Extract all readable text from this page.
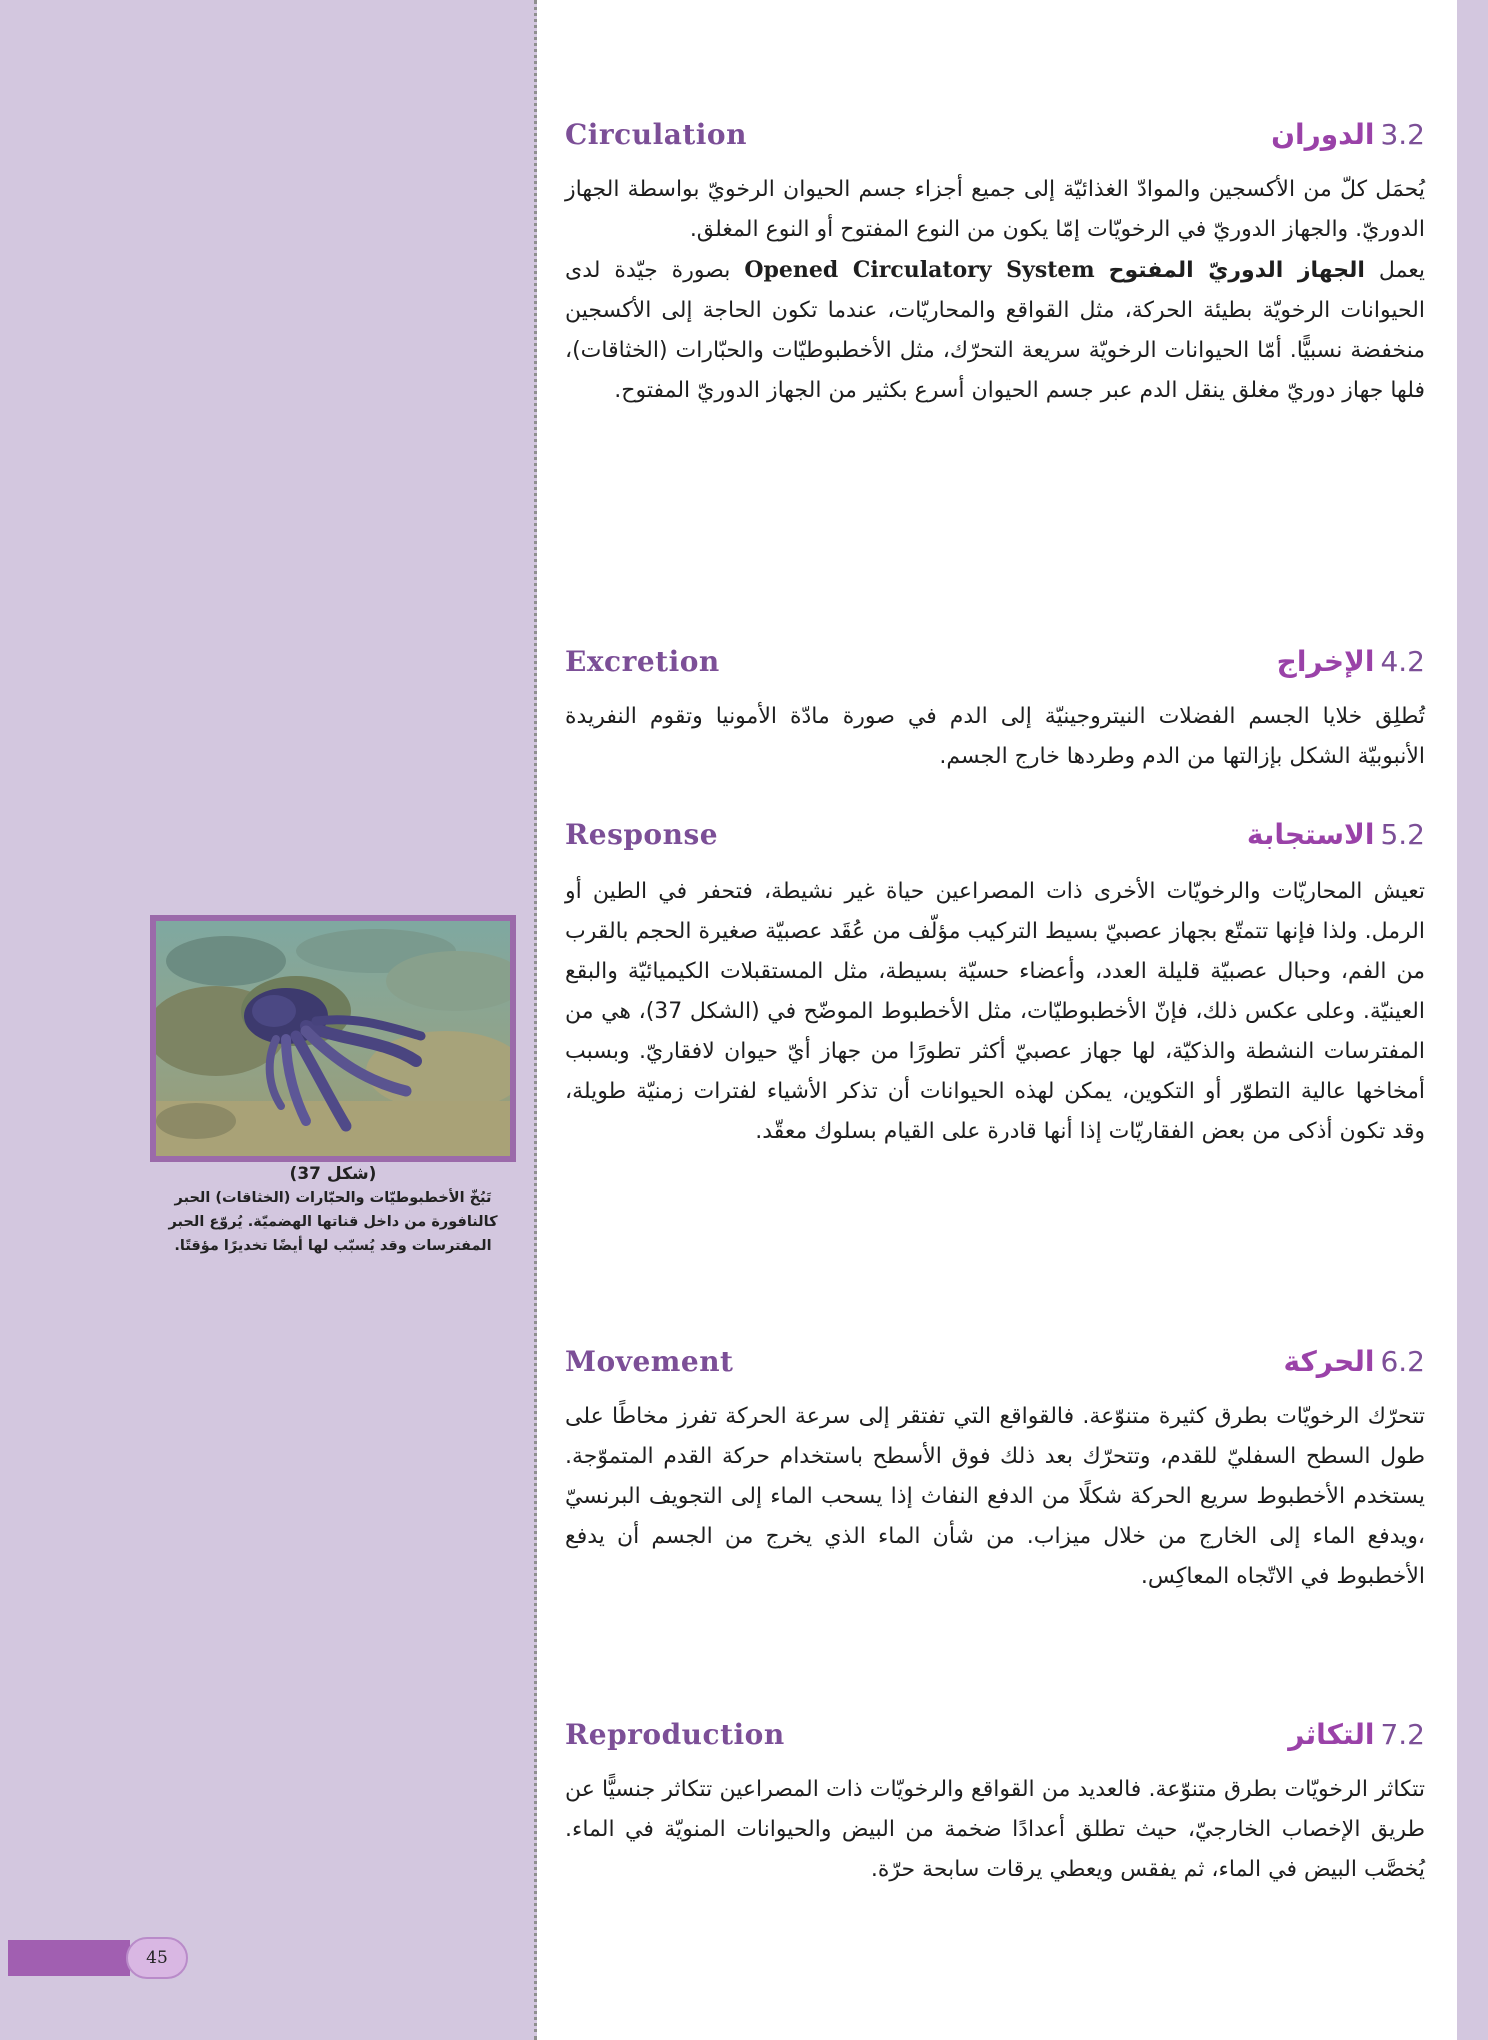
(شكل 37)
تَبُخّ الأخطبوطيّات والحبّارات (الخثاقات) الحبر كالنافورة من داخل قناتها الهضميّة. يُروّع الحبر المفترسات وقد يُسبّب لها أيضًا تخديرًا مؤقتًا.
45
Circulation	3.2الدوران

يُحمَل كلّ من الأكسجين والموادّ الغذائيّة إلى جميع أجزاء جسم الحيوان الرخويّ بواسطة الجهاز الدوريّ. والجهاز الدوريّ في الرخويّات إمّا يكون من النوع المفتوح أو النوع المغلق.

يعمل الجهاز الدوريّ المفتوح Opened Circulatory System بصورة جيّدة لدى الحيوانات الرخويّة بطيئة الحركة، مثل القواقع والمحاريّات، عندما تكون الحاجة إلى الأكسجين منخفضة نسبيًّا. أمّا الحيوانات الرخويّة سريعة التحرّك، مثل الأخطبوطيّات والحبّارات (الخثاقات)، فلها جهاز دوريّ مغلق ينقل الدم عبر جسم الحيوان أسرع بكثير من الجهاز الدوريّ المفتوح.

Excretion	4.2الإخراج

تُطلِق خلايا الجسم الفضلات النيتروجينيّة إلى الدم في صورة مادّة الأمونيا وتقوم النفريدة الأنبوبيّة الشكل بإزالتها من الدم وطردها خارج الجسم.

Response	5.2الاستجابة

تعيش المحاريّات والرخويّات الأخرى ذات المصراعين حياة غير نشيطة، فتحفر في الطين أو الرمل. ولذا فإنها تتمتّع بجهاز عصبيّ بسيط التركيب مؤلّف من عُقَد عصبيّة صغيرة الحجم بالقرب من الفم، وحبال عصبيّة قليلة العدد، وأعضاء حسيّة بسيطة، مثل المستقبلات الكيميائيّة والبقع العينيّة. وعلى عكس ذلك، فإنّ الأخطبوطيّات، مثل الأخطبوط الموضّح في (الشكل 37)، هي من المفترسات النشطة والذكيّة، لها جهاز عصبيّ أكثر تطورًا من جهاز أيّ حيوان لافقاريّ. وبسبب أمخاخها عالية التطوّر أو التكوين، يمكن لهذه الحيوانات أن تذكر الأشياء لفترات زمنيّة طويلة، وقد تكون أذكى من بعض الفقاريّات إذا أنها قادرة على القيام بسلوك معقّد.

Movement	6.2الحركة

تتحرّك الرخويّات بطرق كثيرة متنوّعة. فالقواقع التي تفتقر إلى سرعة الحركة تفرز مخاطًا على طول السطح السفليّ للقدم، وتتحرّك بعد ذلك فوق الأسطح باستخدام حركة القدم المتموّجة. يستخدم الأخطبوط سريع الحركة شكلًا من الدفع النفاث إذا يسحب الماء إلى التجويف البرنسيّ ،ويدفع الماء إلى الخارج من خلال ميزاب. من شأن الماء الذي يخرج من الجسم أن يدفع الأخطبوط في الاتّجاه المعاكِس.

Reproduction	7.2التكاثر

تتكاثر الرخويّات بطرق متنوّعة. فالعديد من القواقع والرخويّات ذات المصراعين تتكاثر جنسيًّا عن طريق الإخصاب الخارجيّ، حيث تطلق أعدادًا ضخمة من البيض والحيوانات المنويّة في الماء. يُخصَّب البيض في الماء، ثم يفقس ويعطي يرقات سابحة حرّة.
